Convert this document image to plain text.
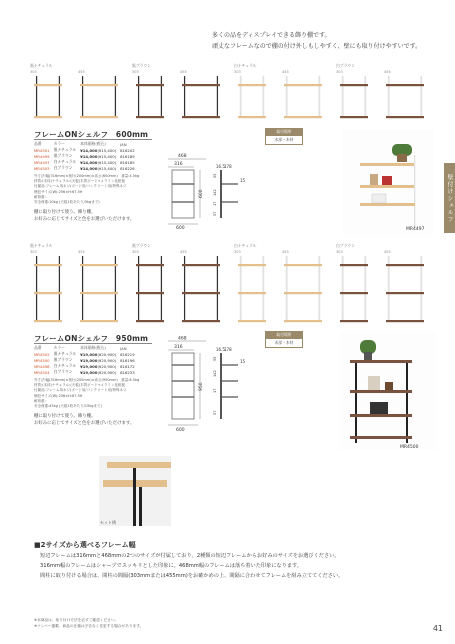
多くの品をディスプレイできる飾り棚です。
頑丈なフレームなので棚の付け外しもしやすく、壁にも取り付けやすいです。
黒ナチュラル
303	455
黒ブラウン
303	455
白ナチュラル
303	455
白ブラウン
303	455
フレームONシェルフ　600mm
品番	カラー	本体価格(税込)	JAN
MR4501	黒ナチュラル	¥14,000(¥15,400)	816202
MR4499	黒ブラウン	¥14,000(¥15,400)	816189
MR4497	白ナチュラル	¥14,000(¥15,400)	816165
MR4503	白ブラウン	¥14,000(¥15,400)	816226
外寸法:幅(316mm)×奥行(200mm)×高さ(600mm)　重量:4.5kg
材質:(本体)ナチュラル:(天板)木質ボード+メラミン化粧板
付属品:フレーム用ネジ(ボード用/コンクリート用)特殊ネジ
梱包サイズ(W):256×H:67.5H
耐荷重:
安全荷重:10kg (天板1枚あたり/3kgまで)
棚に取り付けて使う。飾り棚。
お好みに応じてサイズと色をお選びいただけます。
468
316
600
600
16.5 178
15
55
142
17
57
取付場所
木部・木材
MR4497
壁付けシェルフ
黒ナチュラル
303	455
黒ブラウン
303	455
白ナチュラル
303	455
白ブラウン
303	455
フレームONシェルフ　950mm
品番	カラー	本体価格(税込)	JAN
MR4502	黒ナチュラル	¥19,000(¥20,900)	816219
MR4500	黒ブラウン	¥19,000(¥20,900)	816196
MR4498	白ナチュラル	¥19,000(¥20,900)	816172
MR4504	白ブラウン	¥19,000(¥20,900)	816233
外寸法:幅(316mm)×奥行(200mm)×高さ(950mm)　重量:6.5kg
材質:(本体)ナチュラル:(天板)木質ボード+メラミン化粧板
付属品:フレーム用ネジ(ボード用/コンクリート用)特殊ネジ
梱包サイズ(W):256×H:67.5H
耐荷重:
安全荷重:45kg (天板1枚あたり/15kgまで)
棚に取り付けて使う。飾り棚。
お好みに応じてサイズと色をお選びいただけます。
468
316
950
600
16.5 178
15
55
142
17
57
取付場所
木部・木材
MR4500
セット例
■2サイズから選べるフレーム幅
短辺フレームは316mmと468mmの2つのサイズが付属しており、2種類の短辺フレームからお好みのサイズをお選びください。
316mm幅のフレームはシャープでスッキリとした印象に。468mm幅のフレームは落ち着いた印象になります。
間柱に取り付ける場合は、間柱の間隔(303mmまたは455mm)をお確かめの上、間隔に合わせてフレームを組み立ててください。
※本商品は、取り付け方法を必ずご確認ください。
※ナンバー掲載、商品の仕様は予告なく変更する場合があります。	41
